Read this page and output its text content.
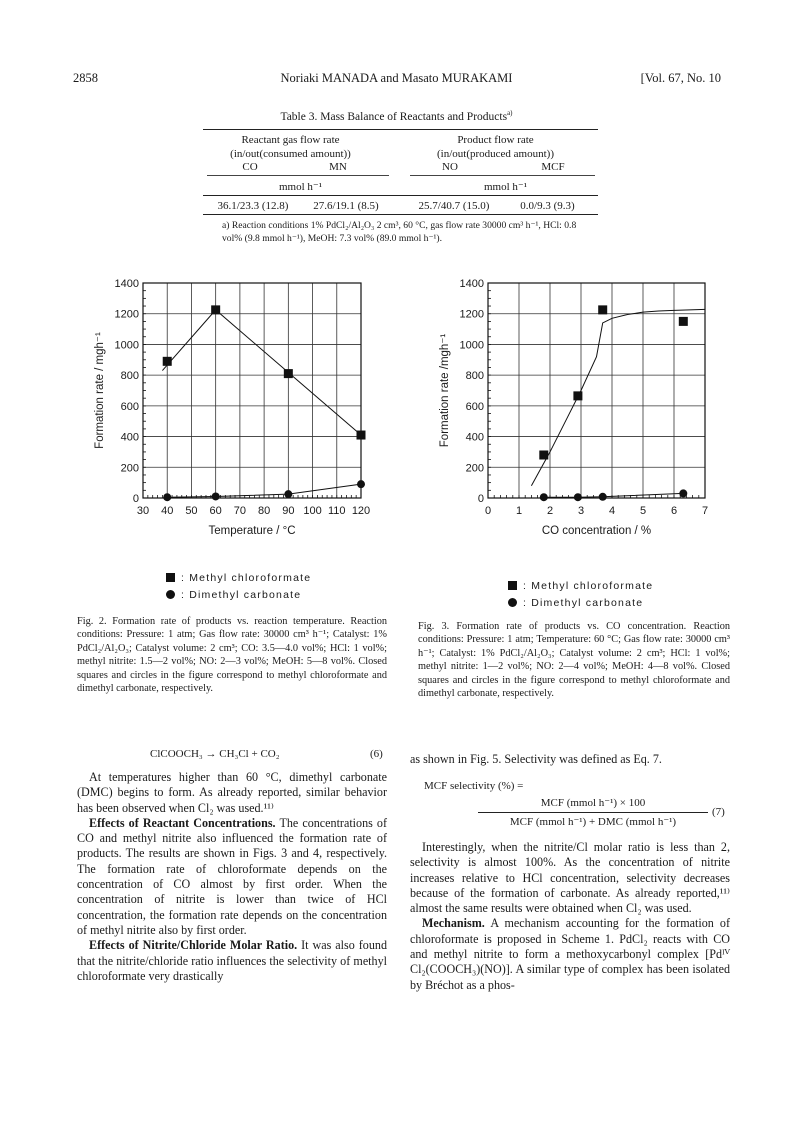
2858	Noriaki MANADA and Masato MURAKAMI	[Vol. 67, No. 10
Table 3. Mass Balance of Reactants and Products$^{a)}$
Reactant gas flow rate
(in/out(consumed amount))
Product flow rate
(in/out(produced amount))
CO	MN	NO	MCF
mmol h⁻¹	mmol h⁻¹
36.1/23.3 (12.8)	27.6/19.1 (8.5)	25.7/40.7 (15.0)	0.0/9.3 (9.3)
a) Reaction conditions 1% PdCl₂/Al₂O₃ 2 cm³, 60 °C, gas flow rate 30000 cm³ h⁻¹, HCl: 0.8 vol% (9.8 mmol h⁻¹), MeOH: 7.3 vol% (89.0 mmol h⁻¹).
30 40 50 60 70 80 90 100 110 120
0
200
400
600
800
1000
1200
1400
Temperature / °C
Formation rate / mgh⁻¹
: Methyl chloroformate
: Dimethyl carbonate
Fig. 2. Formation rate of products vs. reaction temperature. Reaction conditions: Pressure: 1 atm; Gas flow rate: 30000 cm³ h⁻¹; Catalyst: 1% PdCl₂/Al₂O₃; Catalyst volume: 2 cm³; CO: 3.5—4.0 vol%; HCl: 1 vol%; methyl nitrite: 1.5—2 vol%; NO: 2—3 vol%; MeOH: 5—8 vol%. Closed squares and circles in the figure correspond to methyl chloroformate and dimethyl carbonate, respectively.
0 1 2 3 4 5 6 7
0
200
400
600
800
1000
1200
1400
CO concentration / %
Formation rate /mgh⁻¹
: Methyl chloroformate
: Dimethyl carbonate
Fig. 3. Formation rate of products vs. CO concentration. Reaction conditions: Pressure: 1 atm; Temperature: 60 °C; Gas flow rate: 30000 cm³ h⁻¹; Catalyst: 1% PdCl₂/Al₂O₃; Catalyst volume: 2 cm³; HCl: 1 vol%; methyl nitrite: 1—2 vol%; NO: 2—4 vol%; MeOH: 4—8 vol%. Closed squares and circles in the figure correspond to methyl chloroformate and dimethyl carbonate, respectively.
ClCOOCH₃ → CH₃Cl + CO₂	(6)

At temperatures higher than 60 °C, dimethyl carbonate (DMC) begins to form. As already reported, similar behavior has been observed when Cl₂ was used.¹¹⁾

Effects of Reactant Concentrations. The concentrations of CO and methyl nitrite also influenced the formation rate of products. The results are shown in Figs. 3 and 4, respectively. The formation rate of chloroformate depends on the concentration of CO almost by first order. When the concentration of nitrite is lower than twice of HCl concentration, the formation rate depends on the concentration of methyl nitrite also by first order.

Effects of Nitrite/Chloride Molar Ratio. It was also found that the nitrite/chloride ratio influences the selectivity of methyl chloroformate very drastically

as shown in Fig. 5. Selectivity was defined as Eq. 7.
MCF selectivity (%) =
MCF (mmol h⁻¹) × 100
MCF (mmol h⁻¹) + DMC (mmol h⁻¹)
(7)

Interestingly, when the nitrite/Cl molar ratio is less than 2, selectivity is almost 100%. As the concentration of nitrite increases relative to HCl concentration, selectivity decreases because of the formation of carbonate. As already reported,¹¹⁾ almost the same results were obtained when Cl₂ was used.

Mechanism. A mechanism accounting for the formation of chloroformate is proposed in Scheme 1. PdCl₂ reacts with CO and methyl nitrite to form a methoxycarbonyl complex [Pdᴵⱽ Cl₂(COOCH₃)(NO)]. A similar type of complex has been isolated by Bréchot as a phos-
